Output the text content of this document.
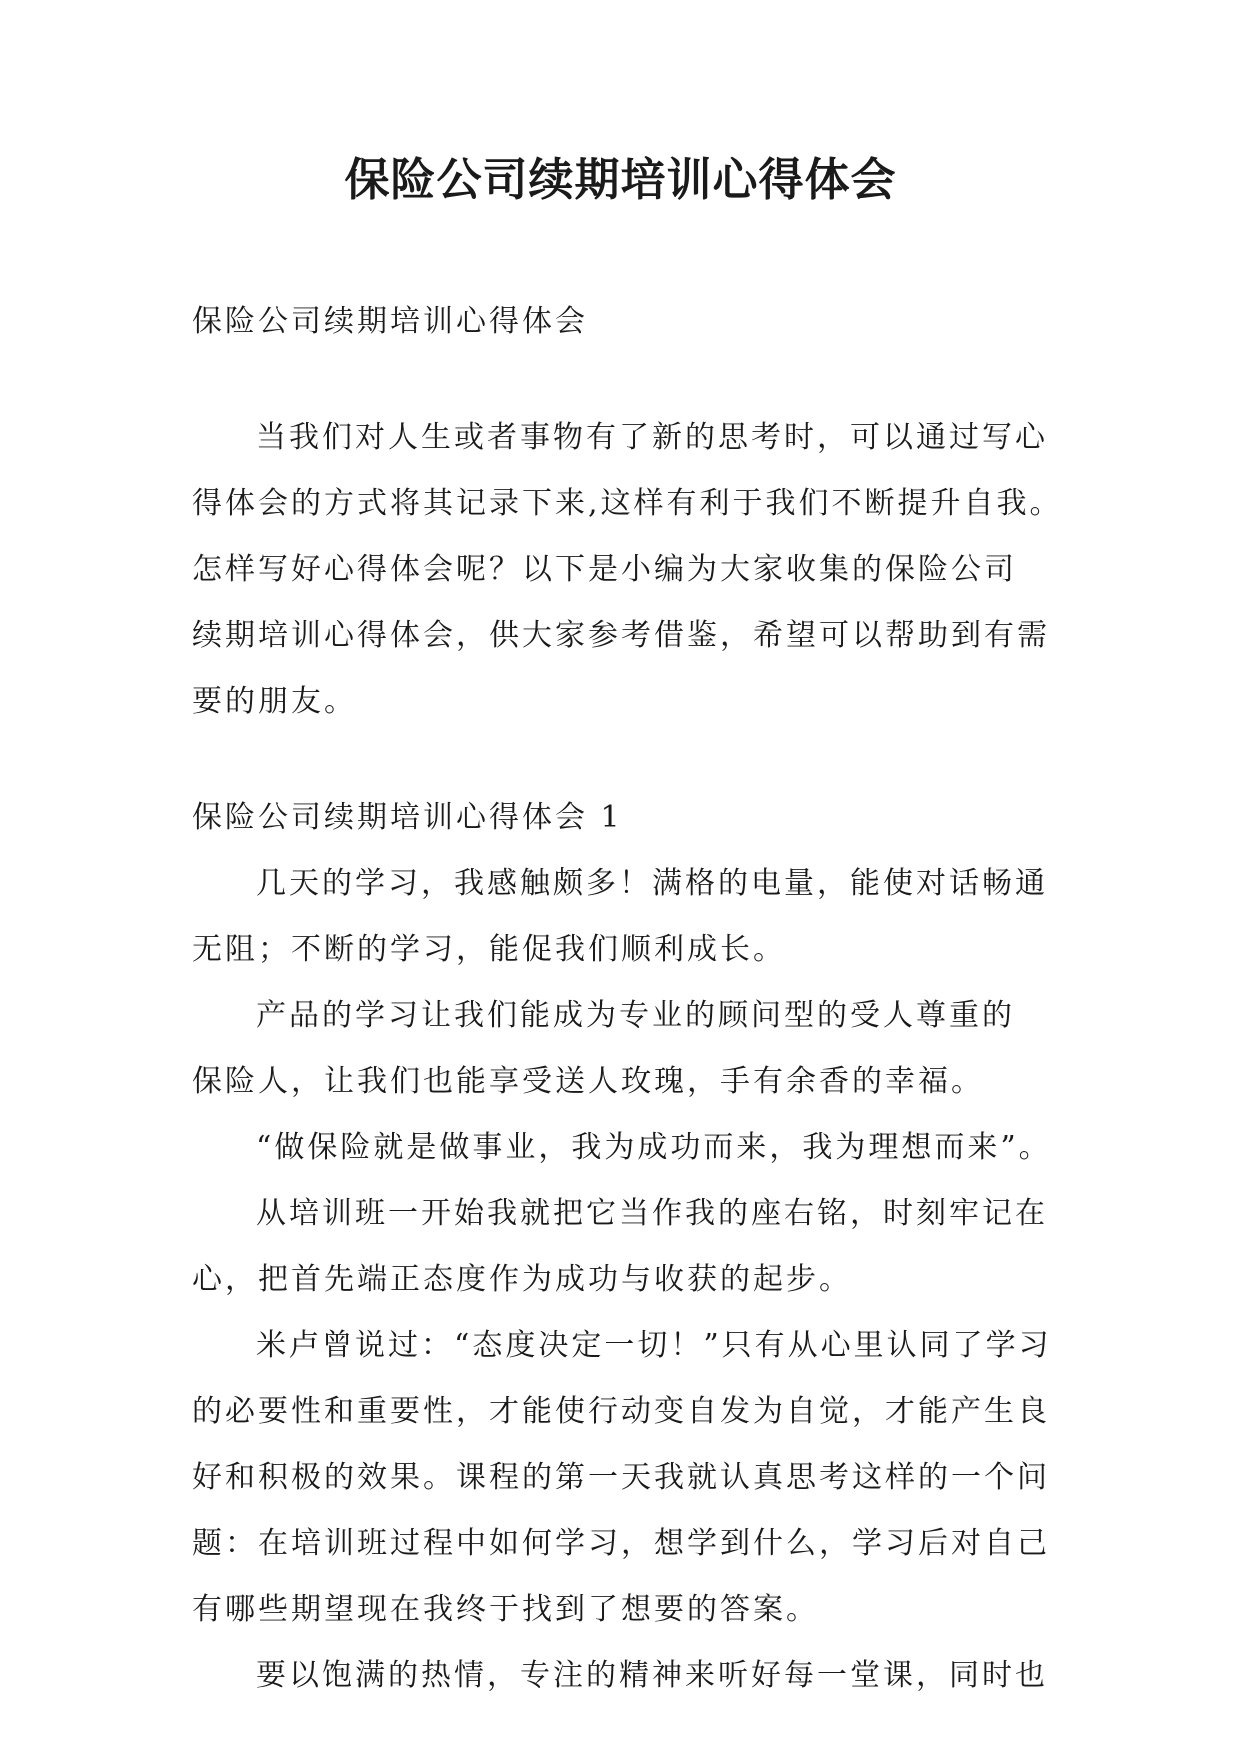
保险公司续期培训心得体会

保险公司续期培训心得体会

当我们对人生或者事物有了新的思考时，可以通过写心

得体会的方式将其记录下来,这样有利于我们不断提升自我。

怎样写好心得体会呢？以下是小编为大家收集的保险公司

续期培训心得体会，供大家参考借鉴，希望可以帮助到有需

要的朋友。

保险公司续期培训心得体会 1

几天的学习，我感触颇多！满格的电量，能使对话畅通

无阻；不断的学习，能促我们顺利成长。

产品的学习让我们能成为专业的顾问型的受人尊重的

保险人，让我们也能享受送人玫瑰，手有余香的幸福。

“做保险就是做事业，我为成功而来，我为理想而来”。

从培训班一开始我就把它当作我的座右铭，时刻牢记在

心，把首先端正态度作为成功与收获的起步。

米卢曾说过：“态度决定一切！”只有从心里认同了学习

的必要性和重要性，才能使行动变自发为自觉，才能产生良

好和积极的效果。课程的第一天我就认真思考这样的一个问

题：在培训班过程中如何学习，想学到什么，学习后对自己

有哪些期望现在我终于找到了想要的答案。

要以饱满的热情，专注的精神来听好每一堂课，同时也
